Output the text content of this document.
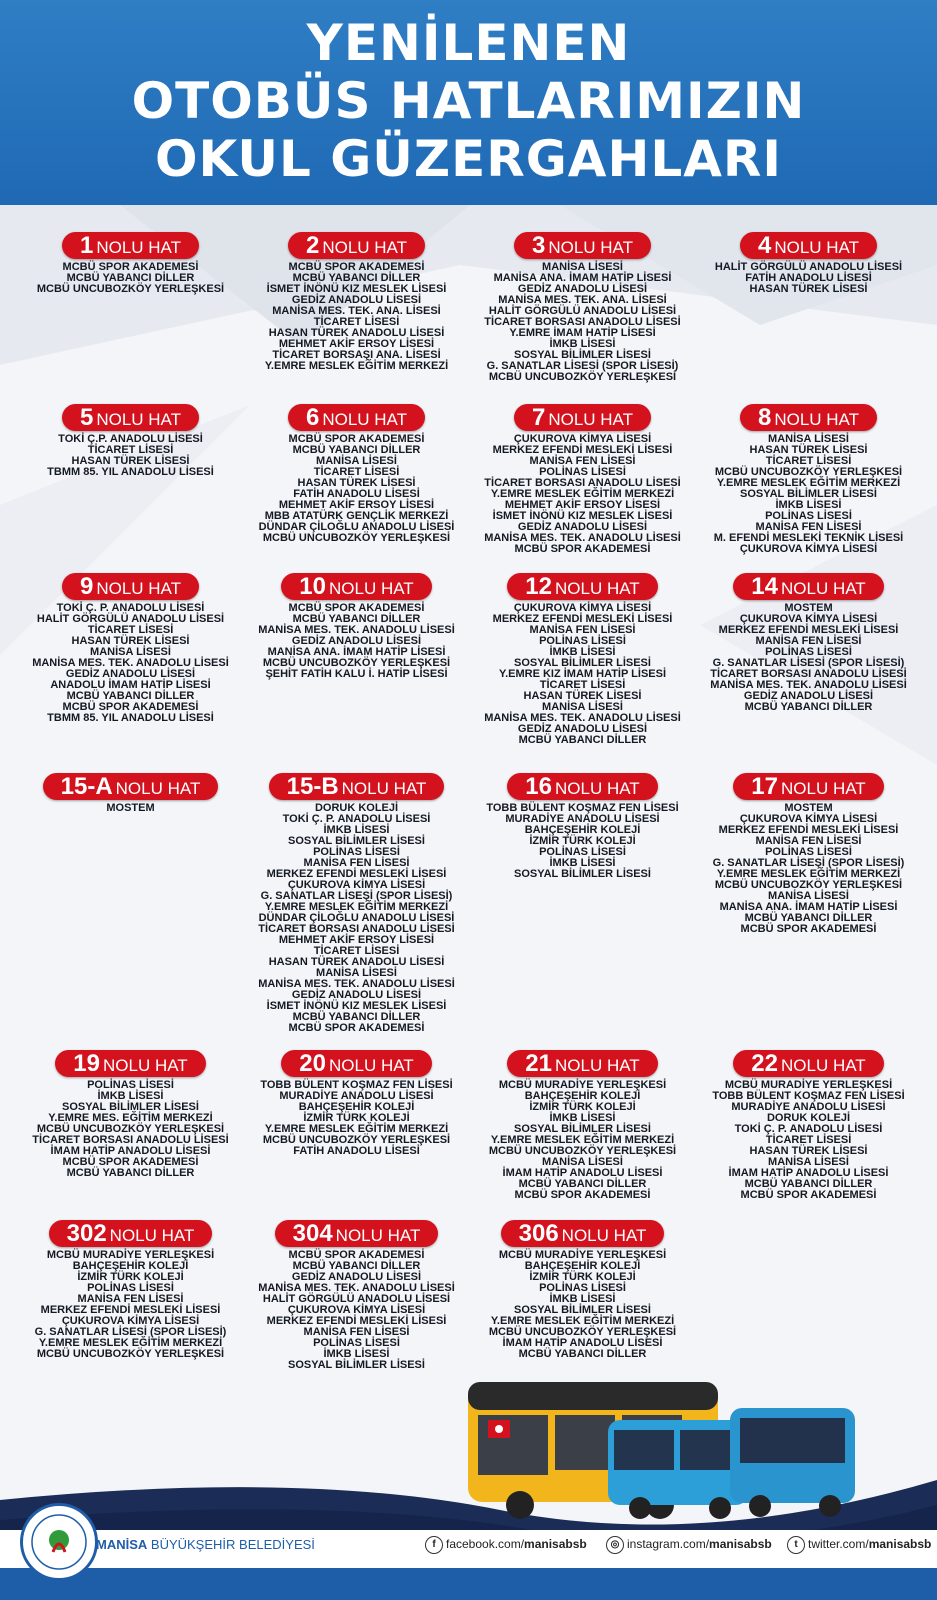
YENİLENEN
OTOBÜS HATLARIMIZIN
OKUL GÜZERGAHLARI
1 NOLU HAT
MCBÜ SPOR AKADEMESİ
MCBÜ YABANCI DİLLER
MCBÜ UNCUBOZKÖY YERLEŞKESİ
2 NOLU HAT
MCBÜ SPOR AKADEMESİ
MCBÜ YABANCI DİLLER
İSMET İNÖNÜ KIZ MESLEK LİSESİ
GEDİZ ANADOLU LİSESİ
MANİSA MES. TEK. ANA. LİSESİ
TİCARET LİSESİ
HASAN TÜREK ANADOLU LİSESİ
MEHMET AKİF ERSOY LİSESİ
TİCARET BORSAŞI ANA. LİSESİ
Y.EMRE MESLEK EĞİTİM MERKEZİ
3 NOLU HAT
MANİSA LİSESİ
MANİSA ANA. İMAM HATİP LİSESİ
GEDİZ ANADOLU LİSESİ
MANİSA MES. TEK. ANA. LİSESİ
HALİT GÖRGÜLÜ ANADOLU LİSESİ
TİCARET BORSASI ANADOLU LİSESİ
Y.EMRE İMAM HATİP LİSESİ
İMKB LİSESİ
SOSYAL BİLİMLER LİSESİ
G. SANATLAR LİSESİ (SPOR LİSESİ)
MCBÜ UNCUBOZKÖY YERLEŞKESİ
4 NOLU HAT
HALİT GÖRGÜLÜ ANADOLU LİSESİ
FATİH ANADOLU LİSESİ
HASAN TÜREK LİSESİ
5 NOLU HAT
TOKİ Ç.P. ANADOLU LİSESİ
TİCARET LİSESİ
HASAN TÜREK LİSESİ
TBMM 85. YIL ANADOLU LİSESİ
6 NOLU HAT
MCBÜ SPOR AKADEMESİ
MCBÜ YABANCI DİLLER
MANİSA LİSESİ
TİCARET LİSESİ
HASAN TÜREK LİSESİ
FATİH ANADOLU LİSESİ
MEHMET AKİF ERSOY LİSESİ
MBB ATATÜRK GENÇLİK MERKEZİ
DÜNDAR ÇİLOĞLU ANADOLU LİSESİ
MCBÜ UNCUBOZKÖY YERLEŞKESİ
7 NOLU HAT
ÇUKUROVA KİMYA LİSESİ
MERKEZ EFENDİ MESLEKİ LİSESİ
MANİSA FEN LİSESİ
POLİNAS LİSESİ
TİCARET BORSASI ANADOLU LİSESİ
Y.EMRE MESLEK EĞİTİM MERKEZİ
MEHMET AKİF ERSOY LİSESİ
İSMET İNÖNÜ KIZ MESLEK LİSESİ
GEDİZ ANADOLU LİSESİ
MANİSA MES. TEK. ANADOLU LİSESİ
MCBÜ SPOR AKADEMESİ
8 NOLU HAT
MANİSA LİSESİ
HASAN TÜREK LİSESİ
TİCARET LİSESİ
MCBÜ UNCUBOZKÖY YERLEŞKESİ
Y.EMRE MESLEK EĞİTİM MERKEZİ
SOSYAL BİLİMLER LİSESİ
İMKB LİSESİ
POLİNAS LİSESİ
MANİSA FEN LİSESİ
M. EFENDİ MESLEKİ TEKNİK LİSESİ
ÇUKUROVA KİMYA LİSESİ
9 NOLU HAT
TOKİ Ç. P. ANADOLU LİSESİ
HALİT GÖRGÜLÜ ANADOLU LİSESİ
TİCARET LİSESİ
HASAN TÜREK LİSESİ
MANİSA LİSESİ
MANİSA MES. TEK. ANADOLU LİSESİ
GEDİZ ANADOLU LİSESİ
ANADOLU İMAM HATİP LİSESİ
MCBÜ YABANCI DİLLER
MCBÜ SPOR AKADEMESİ
TBMM 85. YIL ANADOLU LİSESİ
10 NOLU HAT
MCBÜ SPOR AKADEMESİ
MCBÜ YABANCI DİLLER
MANİSA MES. TEK. ANADOLU LİSESİ
GEDİZ ANADOLU LİSESİ
MANİSA ANA. İMAM HATİP LİSESİ
MCBÜ UNCUBOZKÖY YERLEŞKESİ
ŞEHİT FATİH KALU İ. HATİP LİSESİ
12 NOLU HAT
ÇUKUROVA KİMYA LİSESİ
MERKEZ EFENDİ MESLEKİ LİSESİ
MANİSA FEN LİSESİ
POLİNAS LİSESİ
İMKB LİSESİ
SOSYAL BİLİMLER LİSESİ
Y.EMRE KIZ İMAM HATİP LİSESİ
TİCARET LİSESİ
HASAN TÜREK LİSESİ
MANİSA LİSESİ
MANİSA MES. TEK. ANADOLU LİSESİ
GEDİZ ANADOLU LİSESİ
MCBÜ YABANCI DİLLER
14 NOLU HAT
MOSTEM
ÇUKUROVA KİMYA LİSESİ
MERKEZ EFENDİ MESLEKİ LİSESİ
MANİSA FEN LİSESİ
POLİNAS LİSESİ
G. SANATLAR LİSESİ (SPOR LİSESİ)
TİCARET BORSASI ANADOLU LİSESİ
MANİSA MES. TEK. ANADOLU LİSESİ
GEDİZ ANADOLU LİSESİ
MCBÜ YABANCI DİLLER
15-A NOLU HAT
MOSTEM
15-B NOLU HAT
DORUK KOLEJİ
TOKİ Ç. P. ANADOLU LİSESİ
İMKB LİSESİ
SOSYAL BİLİMLER LİSESİ
POLİNAS LİSESİ
MANİSA FEN LİSESİ
MERKEZ EFENDİ MESLEKİ LİSESİ
ÇUKUROVA KİMYA LİSESİ
G. SANATLAR LİSEŞİ (SPOR LİSESİ)
Y.EMRE MESLEK EĞİTİM MERKEZİ
DÜNDAR ÇİLOĞLU ANADOLU LİSESİ
TİCARET BORSASI ANADOLU LİSESİ
MEHMET AKİF ERSOY LİSESİ
TİCARET LİSESİ
HASAN TÜREK ANADOLU LİSESİ
MANİSA LİSESİ
MANİSA MES. TEK. ANADOLU LİSESİ
GEDİZ ANADOLU LİSESİ
İSMET İNÖNÜ KIZ MESLEK LİSESİ
MCBÜ YABANCI DİLLER
MCBÜ SPOR AKADEMESİ
16 NOLU HAT
TOBB BÜLENT KOŞMAZ FEN LİSESİ
MURADİYE ANADOLU LİSESİ
BAHÇEŞEHİR KOLEJİ
İZMİR TÜRK KOLEJİ
POLİNAS LİSESİ
İMKB LİSESİ
SOSYAL BİLİMLER LİSESİ
17 NOLU HAT
MOSTEM
ÇUKUROVA KİMYA LİSESİ
MERKEZ EFENDİ MESLEKİ LİSESİ
MANİSA FEN LİSESİ
POLİNAS LİSESİ
G. SANATLAR LİSEŞİ (SPOR LİSESİ)
Y.EMRE MESLEK EĞİTİM MERKEZİ
MCBÜ UNCUBOZKÖY YERLEŞKESİ
MANİSA LİSESİ
MANİSA ANA. İMAM HATİP LİSESİ
MCBÜ YABANCI DİLLER
MCBÜ SPOR AKADEMESİ
19 NOLU HAT
POLİNAS LİSESİ
İMKB LİSESİ
SOSYAL BİLİMLER LİSESİ
Y.EMRE MES. EĞİTİM MERKEZİ
MCBÜ UNCUBOZKÖY YERLEŞKESİ
TİCARET BORSASI ANADOLU LİSESİ
İMAM HATİP ANADOLU LİSESİ
MCBÜ SPOR AKADEMESİ
MCBÜ YABANCI DİLLER
20 NOLU HAT
TOBB BÜLENT KOŞMAZ FEN LİSESİ
MURADİYE ANADOLU LİSESİ
BAHÇEŞEHİR KOLEJİ
İZMİR TÜRK KOLEJİ
Y.EMRE MESLEK EĞİTİM MERKEZİ
MCBÜ UNCUBOZKÖY YERLEŞKESİ
FATİH ANADOLU LİSESİ
21 NOLU HAT
MCBÜ MURADİYE YERLEŞKESİ
BAHÇEŞEHİR KOLEJİ
İZMİR TÜRK KOLEJİ
İMKB LİSESİ
SOSYAL BİLİMLER LİSESİ
Y.EMRE MESLEK EĞİTİM MERKEZİ
MCBÜ UNCUBOZKÖY YERLEŞKESİ
MANİSA LİSESİ
İMAM HATİP ANADOLU LİSESİ
MCBÜ YABANCI DİLLER
MCBÜ SPOR AKADEMESİ
22 NOLU HAT
MCBÜ MURADİYE YERLEŞKESİ
TOBB BÜLENT KOŞMAZ FEN LİSESİ
MURADİYE ANADOLU LİSESİ
DORUK KOLEJİ
TOKİ Ç. P. ANADOLU LİSESİ
TİCARET LİSESİ
HASAN TÜREK LİSESİ
MANİSA LİSESİ
İMAM HATİP ANADOLU LİSESİ
MCBÜ YABANCI DİLLER
MCBÜ SPOR AKADEMESİ
302 NOLU HAT
MCBÜ MURADİYE YERLEŞKESİ
BAHÇEŞEHİR KOLEJİ
İZMİR TÜRK KOLEJİ
POLİNAS LİSESİ
MANİSA FEN LİSESİ
MERKEZ EFENDİ MESLEKİ LİSESİ
ÇUKUROVA KİMYA LİSESİ
G. SANATLAR LİSESİ (SPOR LİSESİ)
Y.EMRE MESLEK EĞİTİM MERKEZİ
MCBÜ UNCUBOZKÖY YERLEŞKESİ
304 NOLU HAT
MCBÜ SPOR AKADEMESİ
MCBÜ YABANCI DİLLER
GEDİZ ANADOLU LİSESİ
MANİSA MES. TEK. ANADOLU LİSESİ
HALİT GÖRGÜLÜ ANADOLU LİSESİ
ÇUKUROVA KİMYA LİSESİ
MERKEZ EFENDİ MESLEKİ LİSESİ
MANİSA FEN LİSESİ
POLİNAS LİSESİ
İMKB LİSESİ
SOSYAL BİLİMLER LİSESİ
306 NOLU HAT
MCBÜ MURADİYE YERLEŞKESİ
BAHÇEŞEHİR KOLEJİ
İZMİR TÜRK KOLEJİ
POLİNAS LİSESİ
İMKB LİSESİ
SOSYAL BİLİMLER LİSESİ
Y.EMRE MESLEK EĞİTİM MERKEZİ
MCBÜ UNCUBOZKÖY YERLEŞKESİ
İMAM HATİP ANADOLU LİSESİ
MCBÜ YABANCI DİLLER
MANİSA BÜYÜKŞEHİR BELEDİYESİ	f facebook.com/manisabsb	◎ instagram.com/manisabsb	t twitter.com/manisabsb
